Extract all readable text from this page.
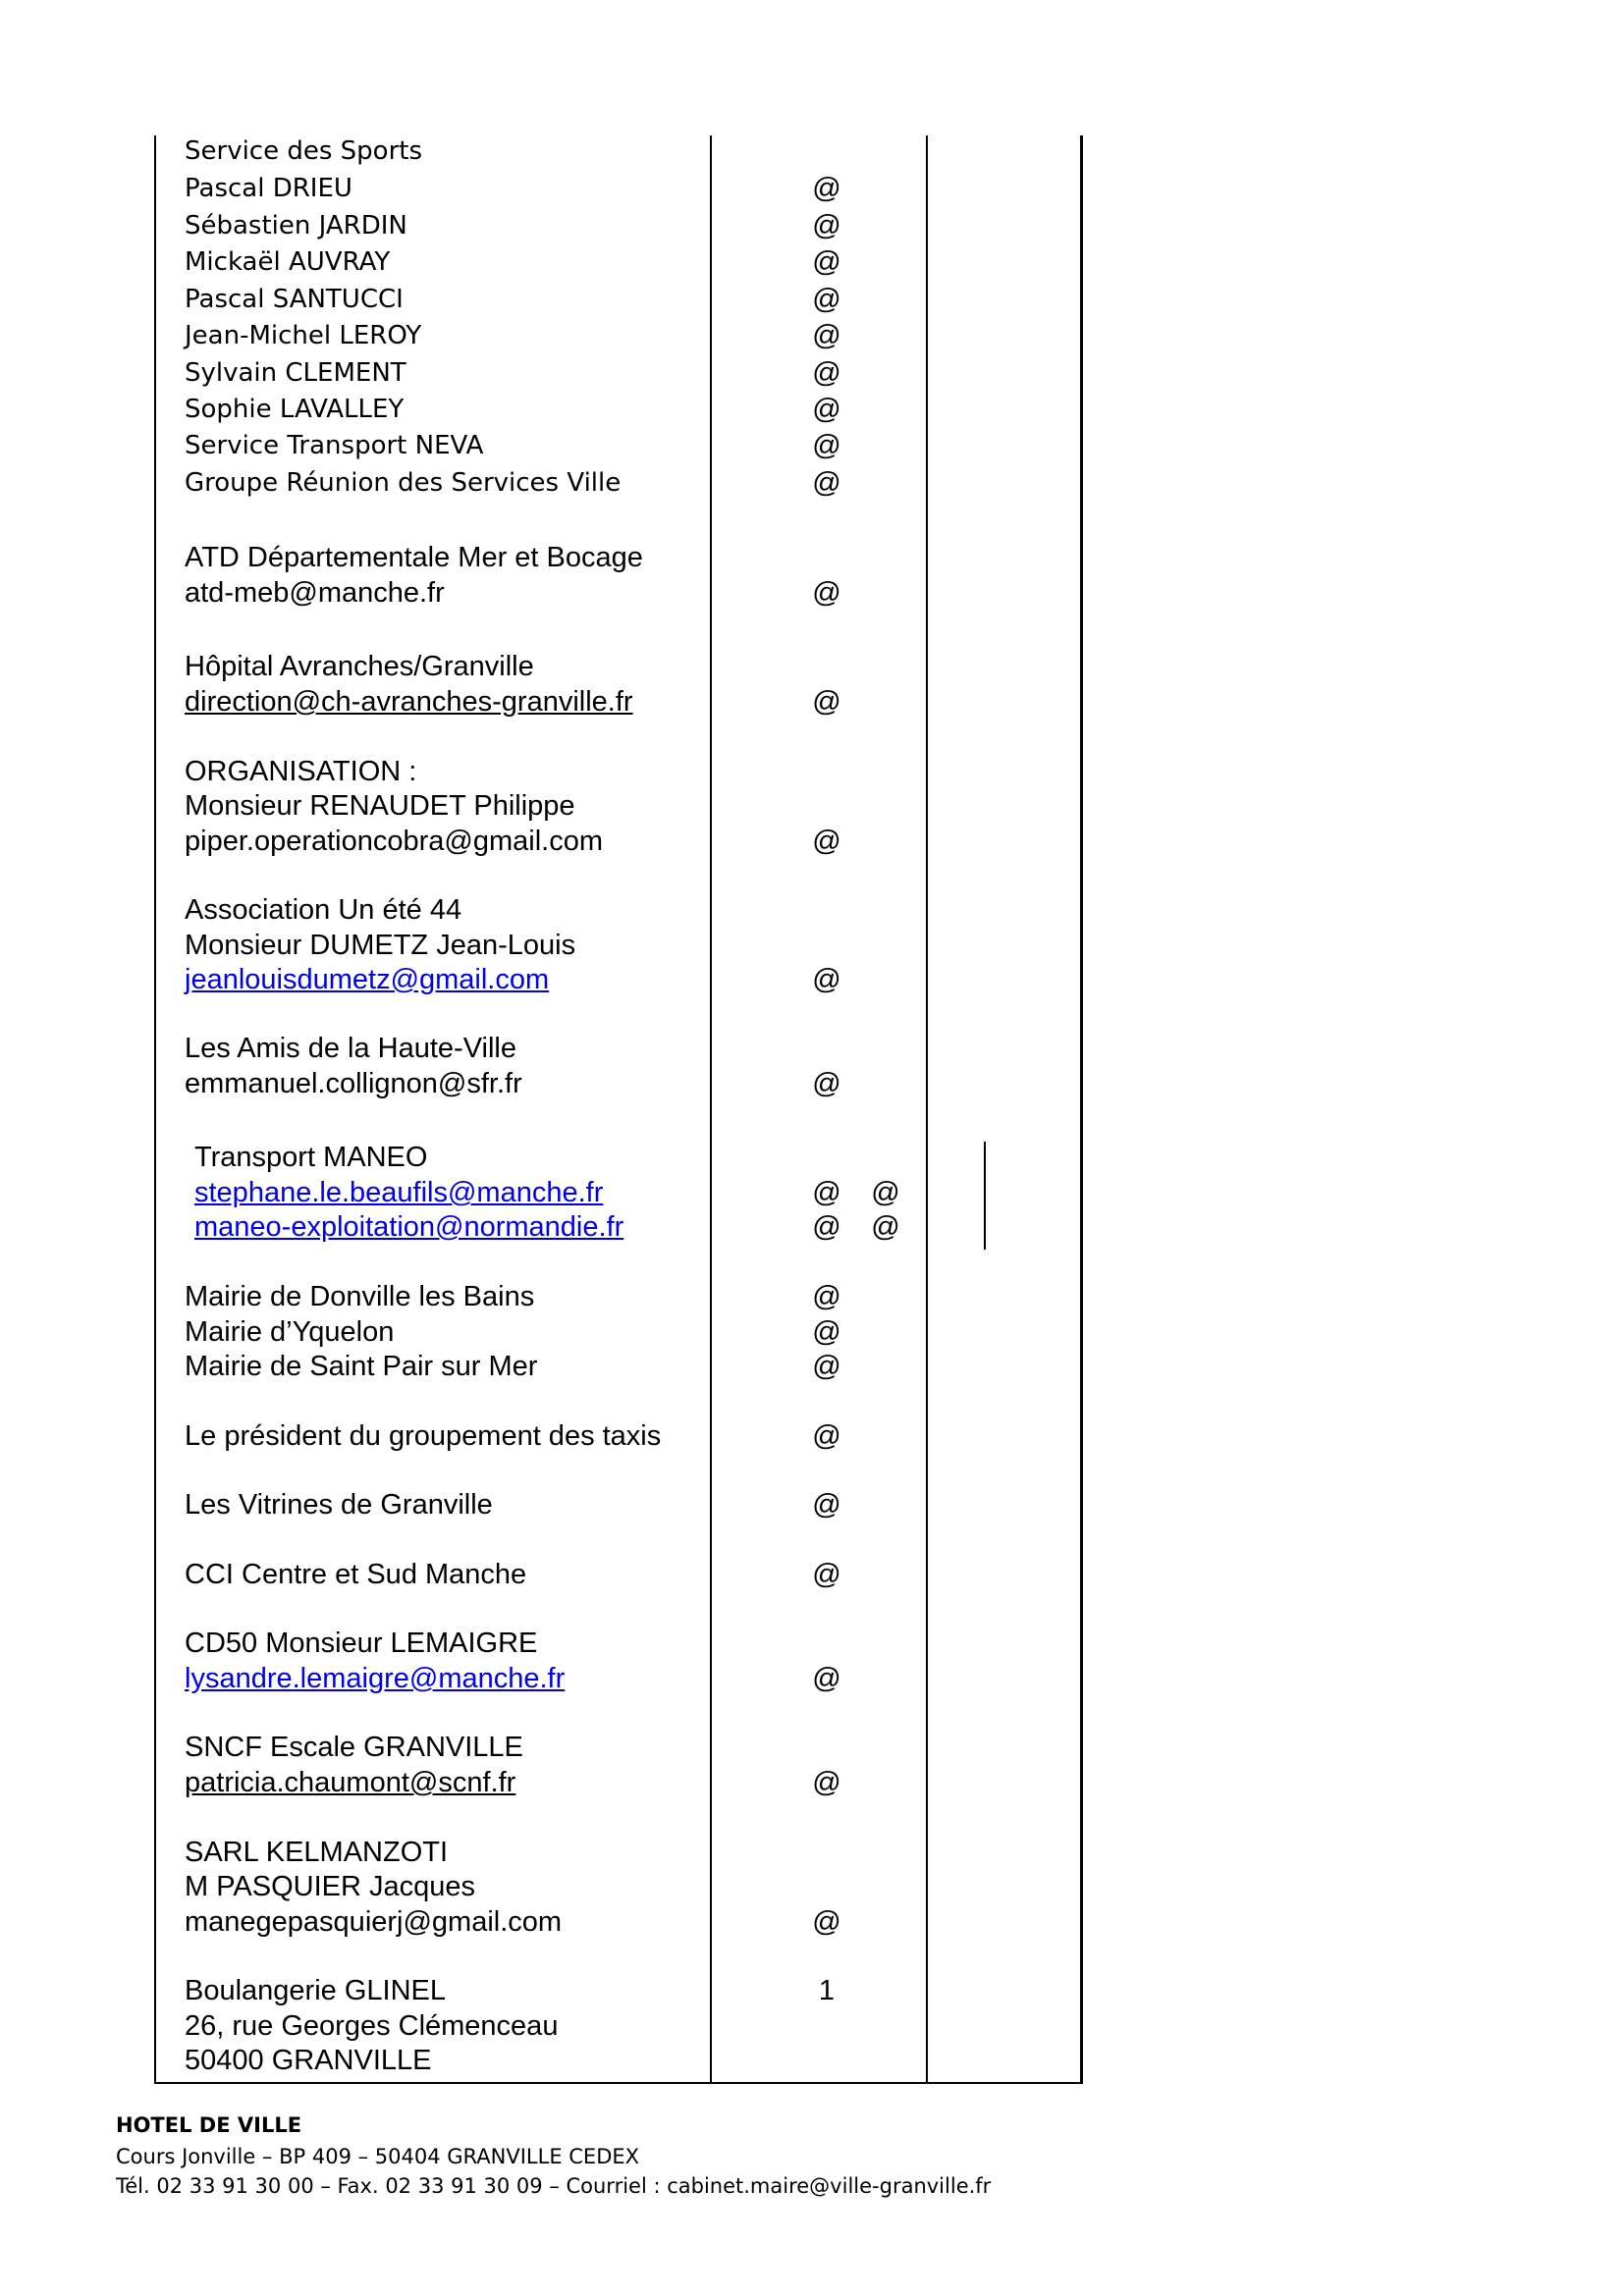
Service des Sports
Pascal DRIEU	@
Sébastien JARDIN	@
Mickaël AUVRAY	@
Pascal SANTUCCI	@
Jean-Michel LEROY	@
Sylvain CLEMENT	@
Sophie LAVALLEY	@
Service Transport NEVA	@
Groupe Réunion des Services Ville	@
ATD Départementale Mer et Bocage
atd-meb@manche.fr	@
Hôpital Avranches/Granville
direction@ch-avranches-granville.fr	@
ORGANISATION :
Monsieur RENAUDET Philippe
piper.operationcobra@gmail.com	@
Association Un été 44
Monsieur DUMETZ Jean-Louis
jeanlouisdumetz@gmail.com	@
Les Amis de la Haute-Ville
emmanuel.collignon@sfr.fr	@
Transport MANEO
stephane.le.beaufils@manche.fr	@ @
maneo-exploitation@normandie.fr	@ @
Mairie de Donville les Bains	@
Mairie d’Yquelon	@
Mairie de Saint Pair sur Mer	@
Le président du groupement des taxis	@
Les Vitrines de Granville	@
CCI Centre et Sud Manche	@
CD50 Monsieur LEMAIGRE
lysandre.lemaigre@manche.fr	@
SNCF Escale GRANVILLE
patricia.chaumont@scnf.fr	@
SARL KELMANZOTI
M PASQUIER Jacques
manegepasquierj@gmail.com	@
Boulangerie GLINEL	1
26, rue Georges Clémenceau
50400 GRANVILLE
HOTEL DE VILLE
Cours Jonville – BP 409 – 50404 GRANVILLE CEDEX
Tél. 02 33 91 30 00 – Fax. 02 33 91 30 09 – Courriel : cabinet.maire@ville-granville.fr
